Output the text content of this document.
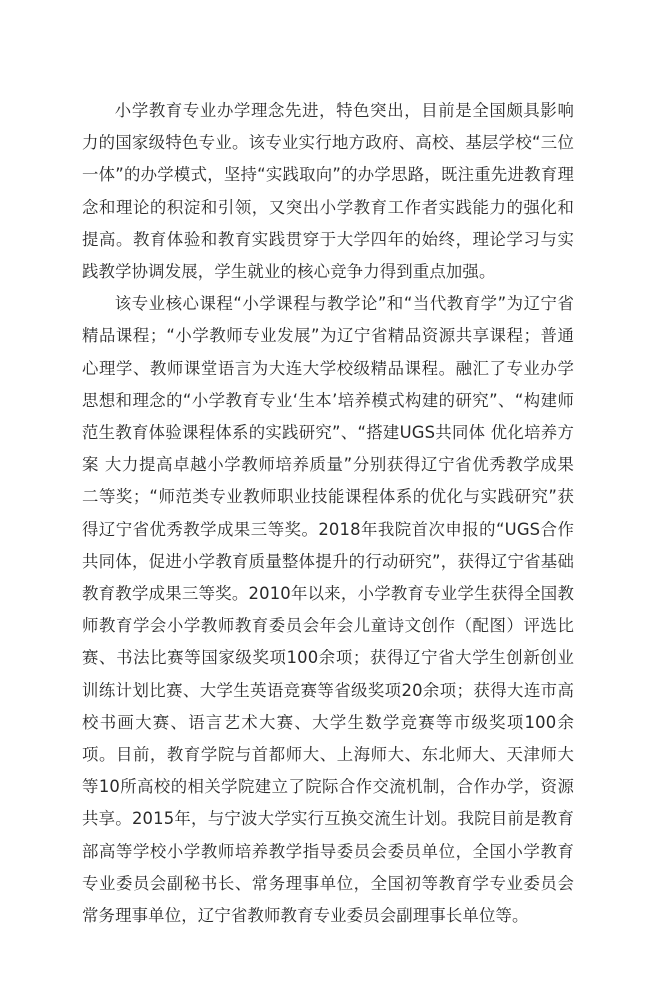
小学教育专业办学理念先进，特色突出，目前是全国颇具影响力的国家级特色专业。该专业实行地方政府、高校、基层学校“三位一体”的办学模式，坚持“实践取向”的办学思路，既注重先进教育理念和理论的积淀和引领，又突出小学教育工作者实践能力的强化和提高。教育体验和教育实践贯穿于大学四年的始终，理论学习与实践教学协调发展，学生就业的核心竞争力得到重点加强。

该专业核心课程“小学课程与教学论”和“当代教育学”为辽宁省精品课程；“小学教师专业发展”为辽宁省精品资源共享课程；普通心理学、教师课堂语言为大连大学校级精品课程。融汇了专业办学思想和理念的“小学教育专业‘生本’培养模式构建的研究”、“构建师范生教育体验课程体系的实践研究”、“搭建UGS共同体 优化培养方案 大力提高卓越小学教师培养质量”分别获得辽宁省优秀教学成果二等奖；“师范类专业教师职业技能课程体系的优化与实践研究”获得辽宁省优秀教学成果三等奖。2018年我院首次申报的“UGS合作共同体，促进小学教育质量整体提升的行动研究”，获得辽宁省基础教育教学成果三等奖。2010年以来，小学教育专业学生获得全国教师教育学会小学教师教育委员会年会儿童诗文创作（配图）评选比赛、书法比赛等国家级奖项100余项；获得辽宁省大学生创新创业训练计划比赛、大学生英语竞赛等省级奖项20余项；获得大连市高校书画大赛、语言艺术大赛、大学生数学竞赛等市级奖项100余项。目前，教育学院与首都师大、上海师大、东北师大、天津师大等10所高校的相关学院建立了院际合作交流机制，合作办学，资源共享。2015年，与宁波大学实行互换交流生计划。我院目前是教育部高等学校小学教师培养教学指导委员会委员单位，全国小学教育专业委员会副秘书长、常务理事单位，全国初等教育学专业委员会常务理事单位，辽宁省教师教育专业委员会副理事长单位等。
